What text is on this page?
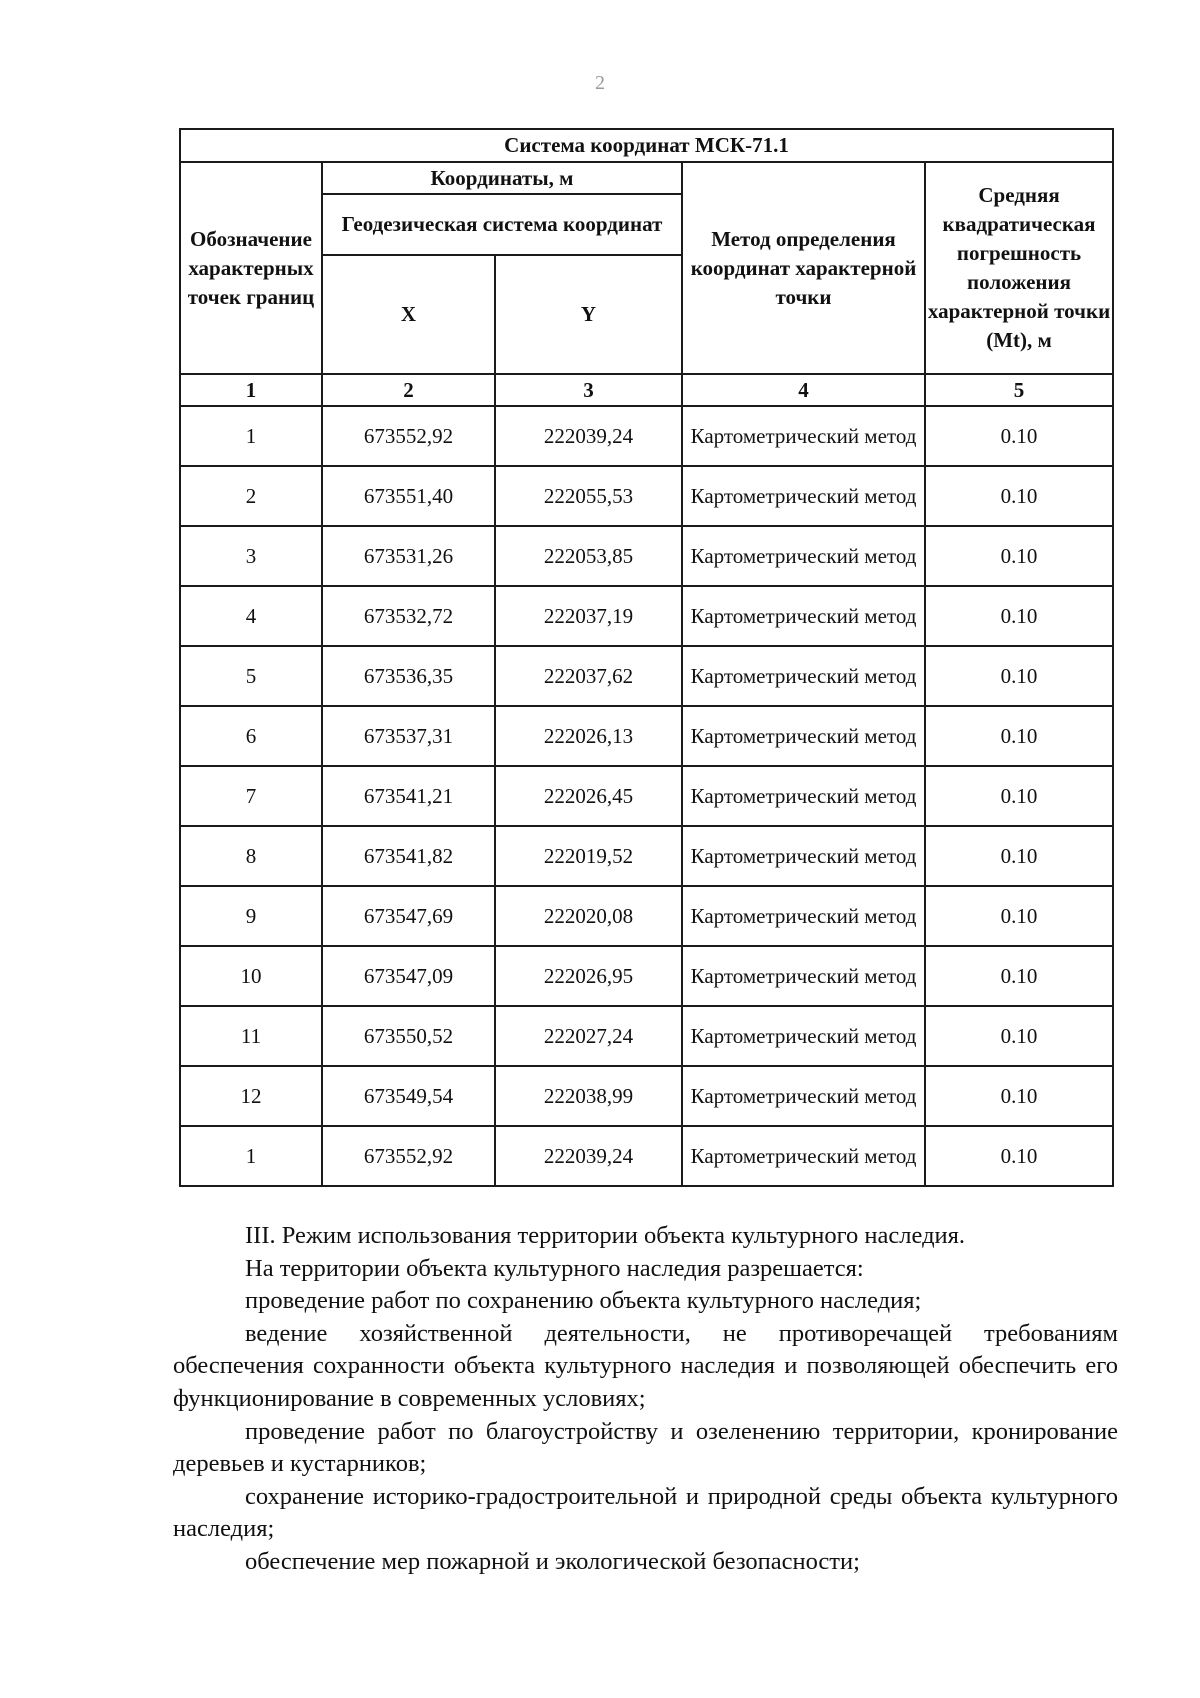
2
Система координат МСК-71.1				
Обозначение характерных точек границ	Координаты, м		Метод определения координат характерной точки	Средняя квадратическая погрешность положения характерной точки (Mt), м
	Геодезическая система координат			
	X	Y		
1	2	3	4	5
1	673552,92	222039,24	Картометрический метод	0.10
2	673551,40	222055,53	Картометрический метод	0.10
3	673531,26	222053,85	Картометрический метод	0.10
4	673532,72	222037,19	Картометрический метод	0.10
5	673536,35	222037,62	Картометрический метод	0.10
6	673537,31	222026,13	Картометрический метод	0.10
7	673541,21	222026,45	Картометрический метод	0.10
8	673541,82	222019,52	Картометрический метод	0.10
9	673547,69	222020,08	Картометрический метод	0.10
10	673547,09	222026,95	Картометрический метод	0.10
11	673550,52	222027,24	Картометрический метод	0.10
12	673549,54	222038,99	Картометрический метод	0.10
1	673552,92	222039,24	Картометрический метод	0.10

III. Режим использования территории объекта культурного наследия.

На территории объекта культурного наследия разрешается:

проведение работ по сохранению объекта культурного наследия;

ведение хозяйственной деятельности, не противоречащей требованиям обеспечения сохранности объекта культурного наследия и позволяющей обеспечить его функционирование в современных условиях;

проведение работ по благоустройству и озеленению территории, кронирование деревьев и кустарников;

сохранение историко-градостроительной и природной среды объекта культурного наследия;

обеспечение мер пожарной и экологической безопасности;
